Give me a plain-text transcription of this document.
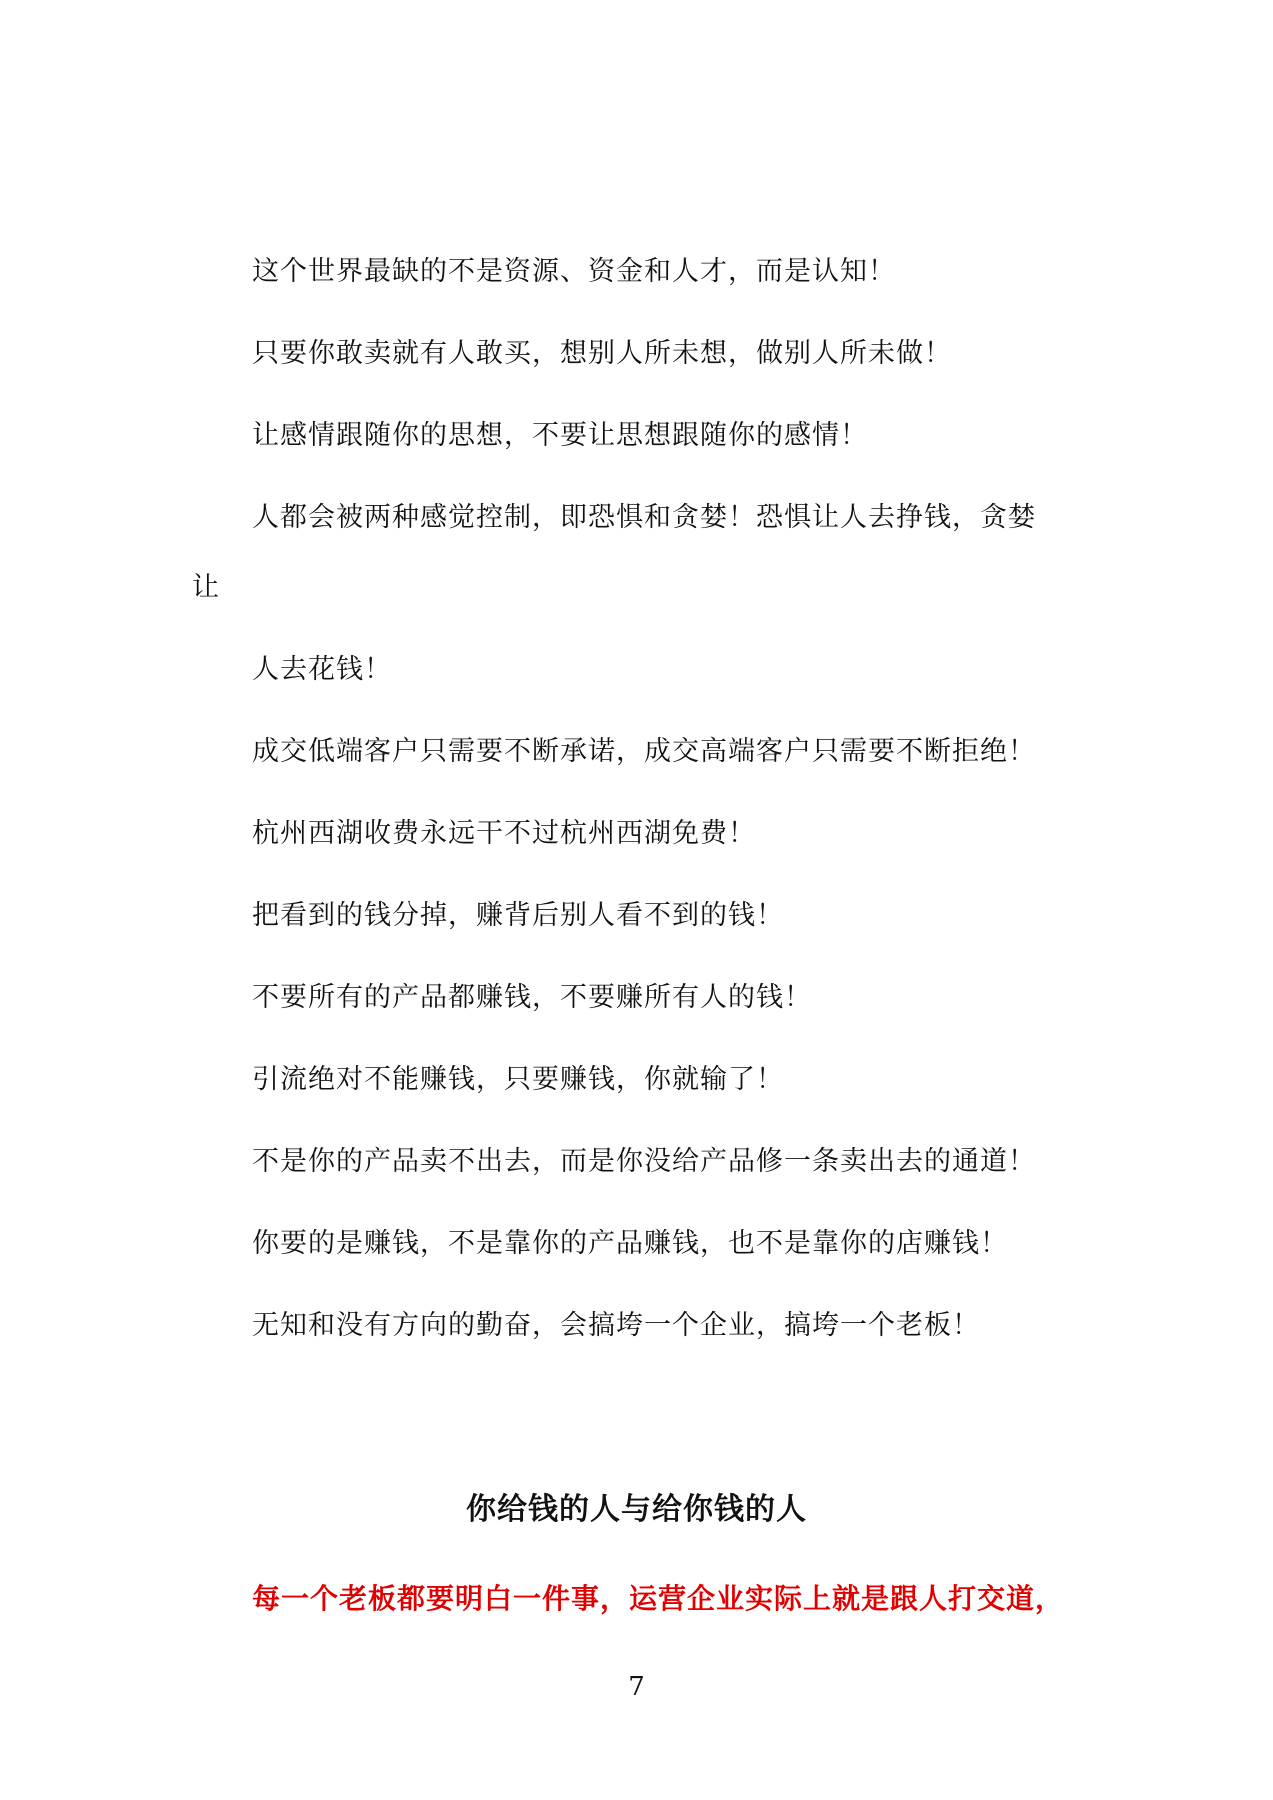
这个世界最缺的不是资源、资金和人才，而是认知！
只要你敢卖就有人敢买，想别人所未想，做别人所未做！
让感情跟随你的思想，不要让思想跟随你的感情！
人都会被两种感觉控制，即恐惧和贪婪！恐惧让人去挣钱，贪婪
让
人去花钱！
成交低端客户只需要不断承诺，成交高端客户只需要不断拒绝！
杭州西湖收费永远干不过杭州西湖免费！
把看到的钱分掉，赚背后别人看不到的钱！
不要所有的产品都赚钱，不要赚所有人的钱！
引流绝对不能赚钱，只要赚钱，你就输了！
不是你的产品卖不出去，而是你没给产品修一条卖出去的通道！
你要的是赚钱，不是靠你的产品赚钱，也不是靠你的店赚钱！
无知和没有方向的勤奋，会搞垮一个企业，搞垮一个老板！
你给钱的人与给你钱的人
每一个老板都要明白一件事，运营企业实际上就是跟人打交道，
7
